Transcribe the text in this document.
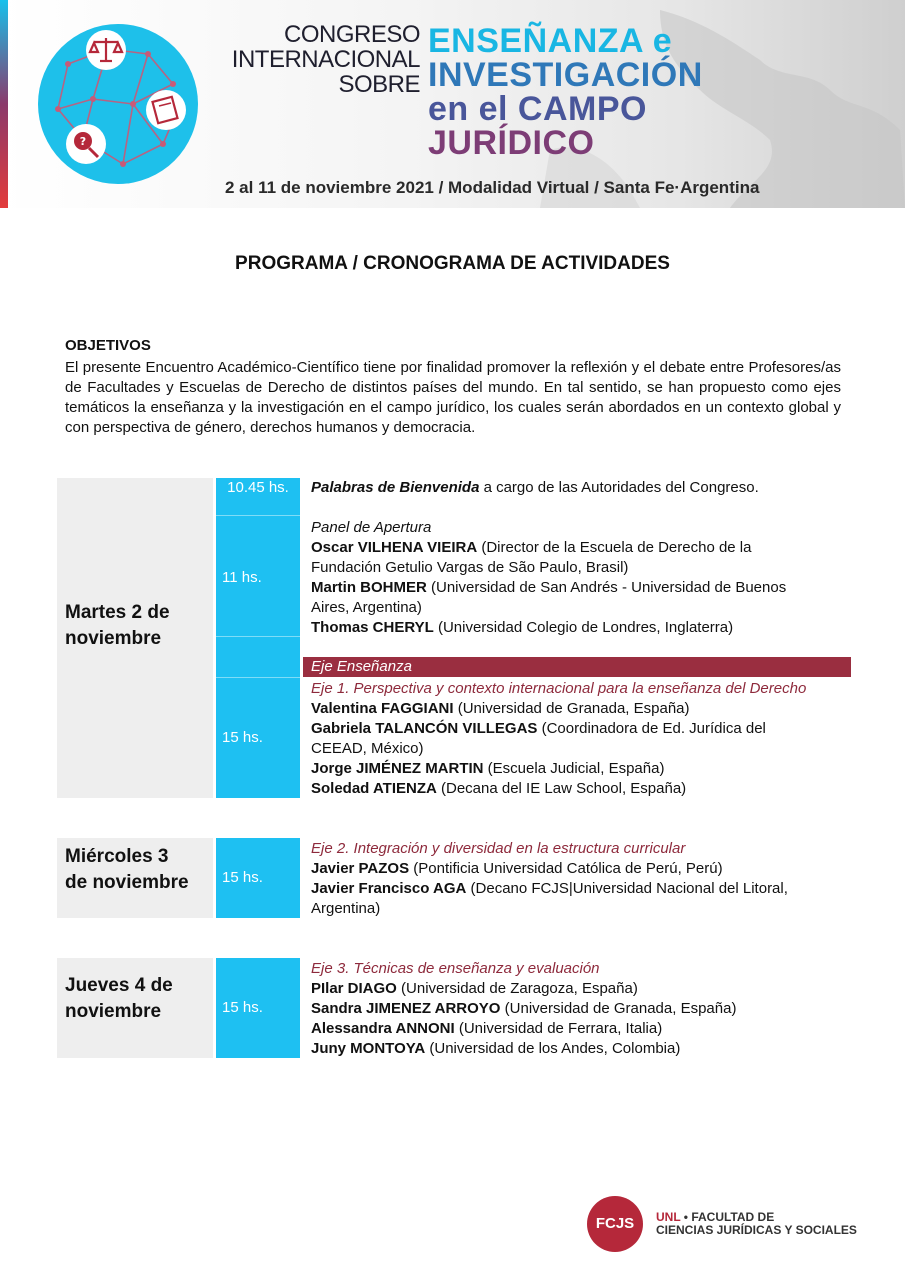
?
CONGRESO
INTERNACIONAL
SOBRE
ENSEÑANZA e
INVESTIGACIÓN
en el CAMPO
JURÍDICO
2 al 11 de noviembre 2021 / Modalidad Virtual / Santa Fe·Argentina
PROGRAMA / CRONOGRAMA DE ACTIVIDADES
OBJETIVOS
El presente Encuentro Académico-Científico tiene por finalidad promover la reflexión y el debate entre Profesores/as de Facultades y Escuelas de Derecho de distintos países del mundo. En tal sentido, se han propuesto como ejes temáticos la enseñanza y la investigación en el campo jurídico, los cuales serán abordados en un contexto global y con perspectiva de género, derechos humanos y democracia.
Martes 2 de
noviembre
10.45 hs.
11 hs.
15 hs.
Palabras de Bienvenida a cargo de las Autoridades del Congreso.
Panel de Apertura
Oscar VILHENA VIEIRA (Director de la Escuela de Derecho de la
Fundación Getulio Vargas de São Paulo, Brasil)
Martin BOHMER (Universidad de San Andrés - Universidad de Buenos
Aires, Argentina)
Thomas CHERYL (Universidad Colegio de Londres, Inglaterra)
Eje Enseñanza
Eje 1. Perspectiva y contexto internacional para la enseñanza del Derecho
Valentina FAGGIANI (Universidad de Granada, España)
Gabriela TALANCÓN VILLEGAS (Coordinadora de Ed. Jurídica del
CEEAD, México)
Jorge JIMÉNEZ MARTIN (Escuela Judicial, España)
Soledad ATIENZA (Decana del IE Law School, España)
Miércoles 3
de noviembre 15 hs.
Eje 2. Integración y diversidad en la estructura curricular
Javier PAZOS (Pontificia Universidad Católica de Perú, Perú)
Javier Francisco AGA (Decano FCJS|Universidad Nacional del Litoral,
Argentina)
Jueves 4 de
noviembre	15 hs.
Eje 3. Técnicas de enseñanza y evaluación
PIlar DIAGO (Universidad de Zaragoza, España)
Sandra JIMENEZ ARROYO (Universidad de Granada, España)
Alessandra ANNONI (Universidad de Ferrara, Italia)
Juny MONTOYA (Universidad de los Andes, Colombia)
FCJS	UNL • FACULTAD DE
CIENCIAS JURÍDICAS Y SOCIALES
